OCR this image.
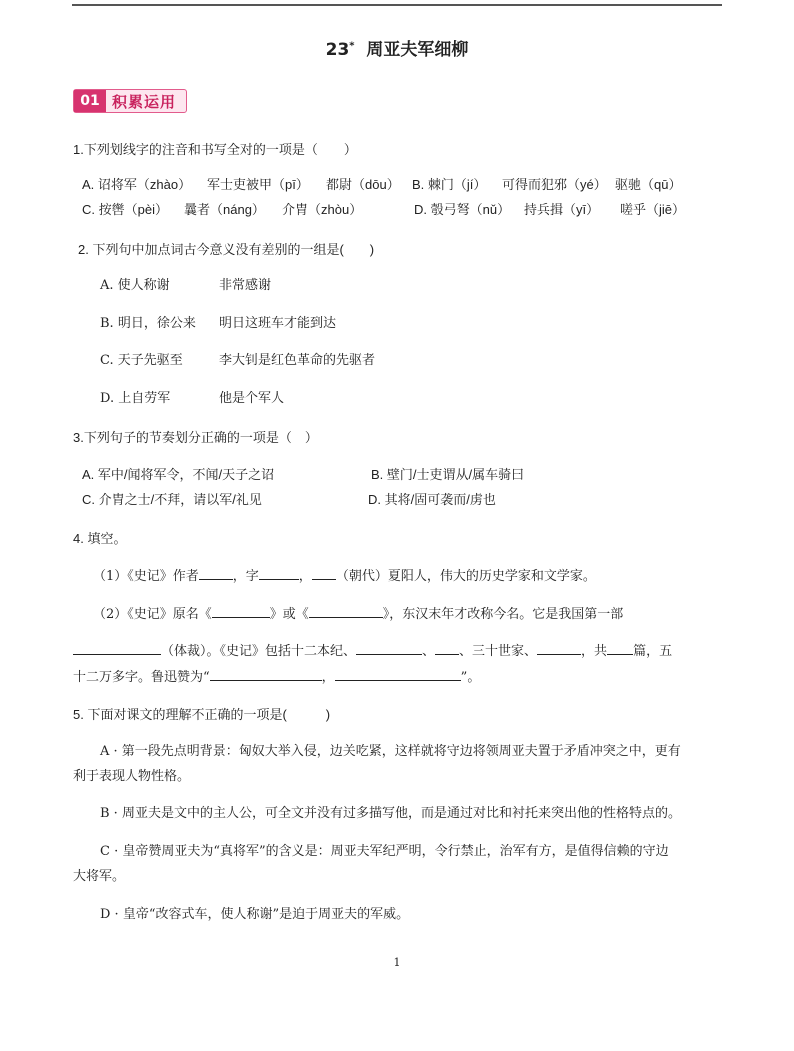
23* 周亚夫军细柳
01 积累运用
1.下列划线字的注音和书写全对的一项是（　　）
A. 诏将军（zhào） 军士吏被甲（pī） 都尉（dōu） B. 棘门（jí） 可得而犯邪（yé） 驱驰（qū）
C. 按辔（pèi） 曩者（náng） 介胄（zhòu）	D. 彀弓弩（nǔ） 持兵揖（yī） 嗟乎（jiē）
2. 下列句中加点词古今意义没有差别的一组是(　　)
A. 使人称谢	非常感谢
B. 明日，徐公来 明日这班车才能到达
C. 天子先驱至	李大钊是红色革命的先驱者
D. 上自劳军	他是个军人
3.下列句子的节奏划分正确的一项是（　）
A. 军中/闻将军令，不闻/天子之诏	B. 壁门/士吏谓从/属车骑曰
C. 介胄之士/不拜，请以军/礼见	D. 其将/固可袭而/虏也
4. 填空。
（1）《史记》作者	，字	， （朝代）夏阳人，伟大的历史学家和文学家。
（2）《史记》原名《	》或《	》，东汉末年才改称今名。它是我国第一部
（体裁）。《史记》包括十二本纪、	、 、三十世家、	，共 篇，五
十二万多字。鲁迅赞为“	，	”。
5. 下面对课文的理解不正确的一项是(　　　)
A · 第一段先点明背景：匈奴大举入侵，边关吃紧，这样就将守边将领周亚夫置于矛盾冲突之中，更有
利于表现人物性格。
B · 周亚夫是文中的主人公，可全文并没有过多描写他，而是通过对比和衬托来突出他的性格特点的。
C · 皇帝赞周亚夫为“真将军”的含义是：周亚夫军纪严明，令行禁止，治军有方，是值得信赖的守边
大将军。
D · 皇帝“改容式车，使人称谢”是迫于周亚夫的军威。
1
